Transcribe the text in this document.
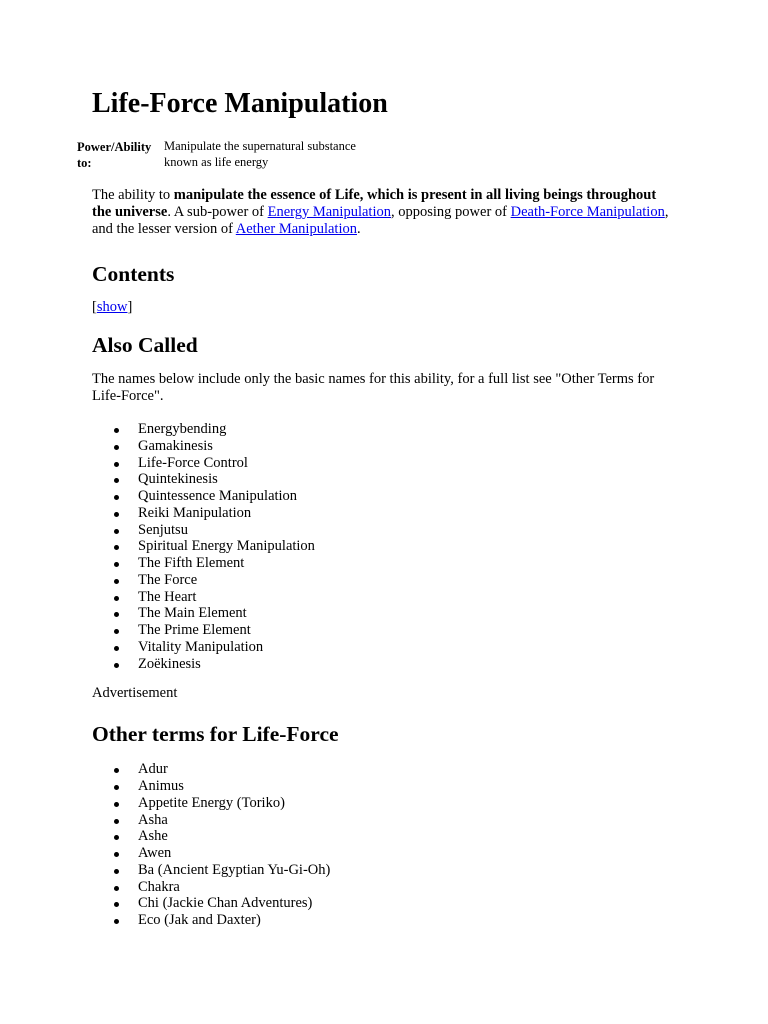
Life-Force Manipulation
Power/Ability to:
Manipulate the supernatural substance known as life energy

The ability to manipulate the essence of Life, which is present in all living beings throughout the universe. A sub-power of Energy Manipulation, opposing power of Death-Force Manipulation, and the lesser version of Aether Manipulation.

Contents

[show]

Also Called

The names below include only the basic names for this ability, for a full list see "Other Terms for Life-Force".

Energybending
Gamakinesis
Life-Force Control
Quintekinesis
Quintessence Manipulation
Reiki Manipulation
Senjutsu
Spiritual Energy Manipulation
The Fifth Element
The Force
The Heart
The Main Element
The Prime Element
Vitality Manipulation
Zoëkinesis

Advertisement

Other terms for Life-Force
Adur
Animus
Appetite Energy (Toriko)
Asha
Ashe
Awen
Ba (Ancient Egyptian Yu-Gi-Oh)
Chakra
Chi (Jackie Chan Adventures)
Eco (Jak and Daxter)
